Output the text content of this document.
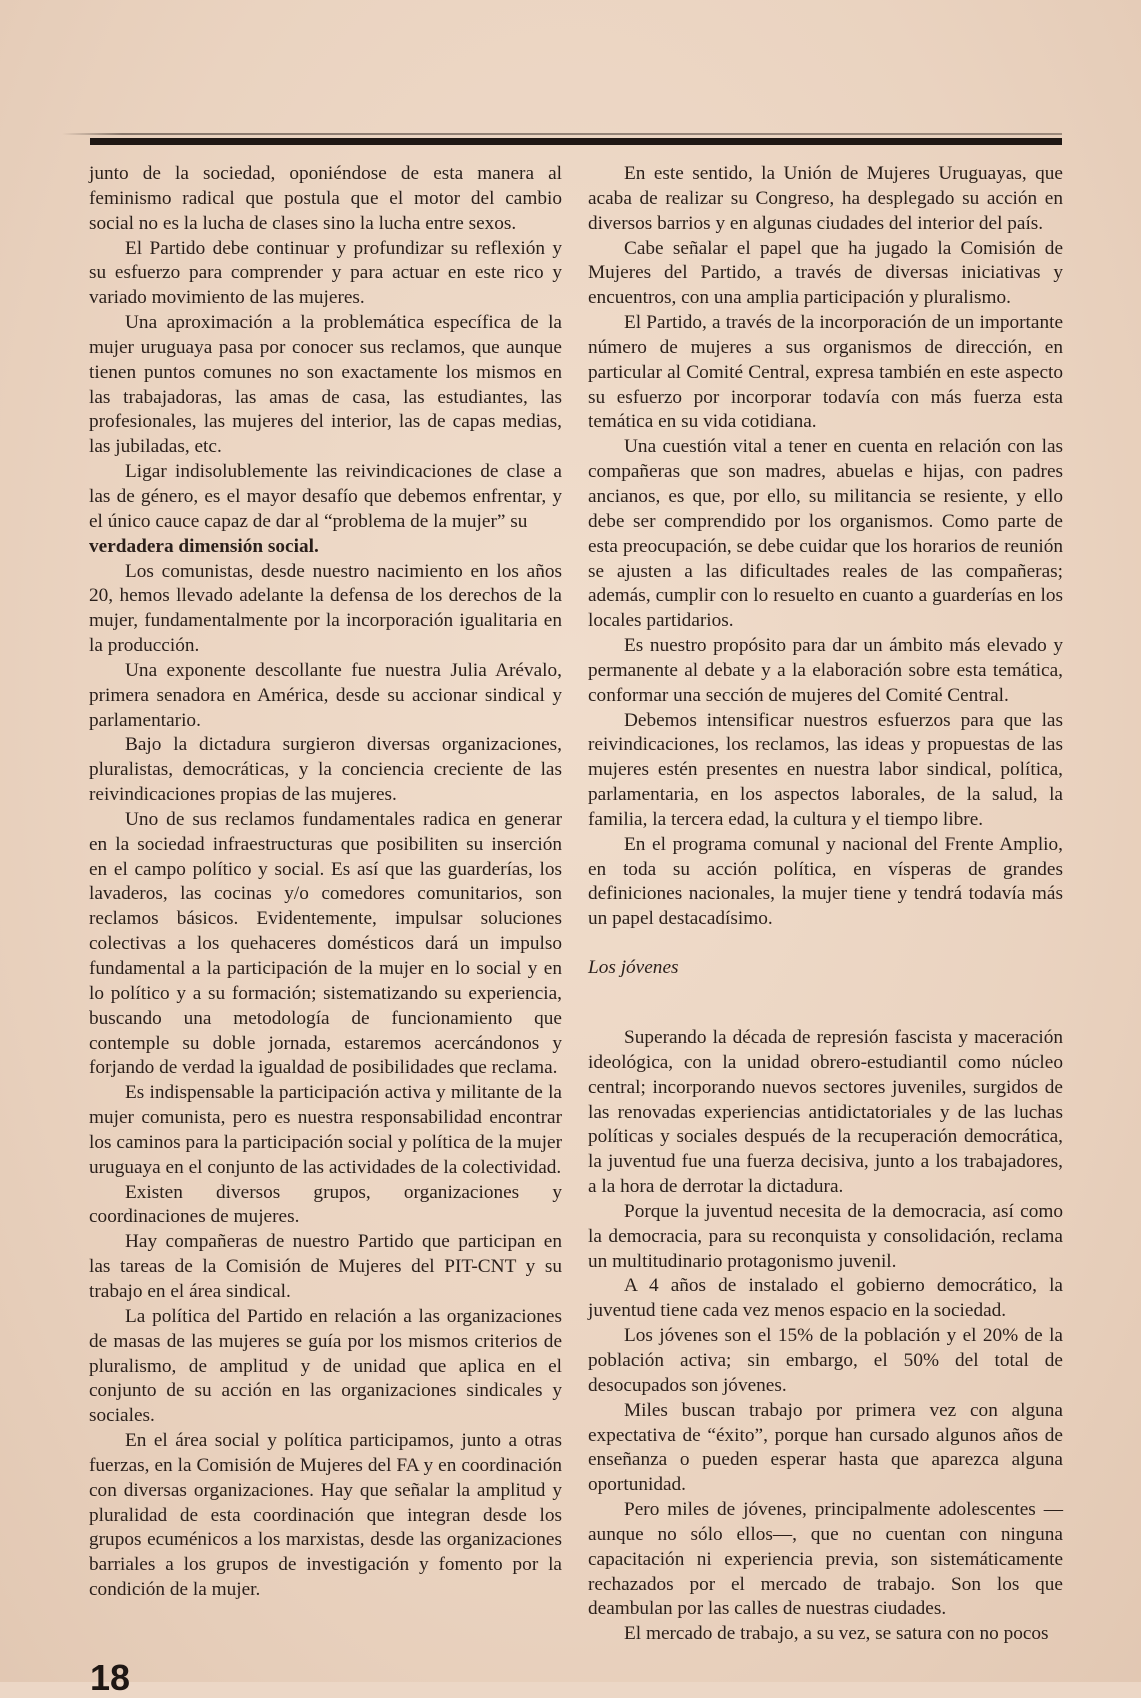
junto de la sociedad, oponiéndose de esta manera al feminismo radical que postula que el motor del cambio social no es la lucha de clases sino la lucha entre sexos.

El Partido debe continuar y profundizar su reflexión y su esfuerzo para comprender y para actuar en este rico y variado movimiento de las mujeres.

Una aproximación a la problemática específica de la mujer uruguaya pasa por conocer sus reclamos, que aunque tienen puntos comunes no son exactamente los mismos en las trabajadoras, las amas de casa, las estudiantes, las profesionales, las mujeres del interior, las de capas medias, las jubiladas, etc.

Ligar indisolublemente las reivindicaciones de clase a las de género, es el mayor desafío que debemos enfrentar, y el único cauce capaz de dar al “problema de la mujer” su

verdadera dimensión social.

Los comunistas, desde nuestro nacimiento en los años 20, hemos llevado adelante la defensa de los derechos de la mujer, fundamentalmente por la incorporación igualitaria en la producción.

Una exponente descollante fue nuestra Julia Arévalo, primera senadora en América, desde su accionar sindical y parlamentario.

Bajo la dictadura surgieron diversas organizaciones, pluralistas, democráticas, y la conciencia creciente de las reivindicaciones propias de las mujeres.

Uno de sus reclamos fundamentales radica en generar en la sociedad infraestructuras que posibiliten su inserción en el campo político y social. Es así que las guarderías, los lavaderos, las cocinas y/o comedores comunitarios, son reclamos básicos. Evidentemente, impulsar soluciones colectivas a los quehaceres domésticos dará un impulso fundamental a la participación de la mujer en lo social y en lo político y a su formación; sistematizando su experiencia, buscando una metodología de funcionamiento que contemple su doble jornada, estaremos acercándonos y forjando de verdad la igualdad de posibilidades que reclama.

Es indispensable la participación activa y militante de la mujer comunista, pero es nuestra responsabilidad encontrar los caminos para la participación social y política de la mujer uruguaya en el conjunto de las actividades de la colectividad.

Existen diversos grupos, organizaciones y coordinaciones de mujeres.

Hay compañeras de nuestro Partido que participan en las tareas de la Comisión de Mujeres del PIT-CNT y su trabajo en el área sindical.

La política del Partido en relación a las organizaciones de masas de las mujeres se guía por los mismos criterios de pluralismo, de amplitud y de unidad que aplica en el conjunto de su acción en las organizaciones sindicales y sociales.

En el área social y política participamos, junto a otras fuerzas, en la Comisión de Mujeres del FA y en coordinación con diversas organizaciones. Hay que señalar la amplitud y pluralidad de esta coordinación que integran desde los grupos ecuménicos a los marxistas, desde las organizaciones barriales a los grupos de investigación y fomento por la condición de la mujer.

En este sentido, la Unión de Mujeres Uruguayas, que acaba de realizar su Congreso, ha desplegado su acción en diversos barrios y en algunas ciudades del interior del país.

Cabe señalar el papel que ha jugado la Comisión de Mujeres del Partido, a través de diversas iniciativas y encuentros, con una amplia participación y pluralismo.

El Partido, a través de la incorporación de un importante número de mujeres a sus organismos de dirección, en particular al Comité Central, expresa también en este aspecto su esfuerzo por incorporar todavía con más fuerza esta temática en su vida cotidiana.

Una cuestión vital a tener en cuenta en relación con las compañeras que son madres, abuelas e hijas, con padres ancianos, es que, por ello, su militancia se resiente, y ello debe ser comprendido por los organismos. Como parte de esta preocupación, se debe cuidar que los horarios de reunión se ajusten a las dificultades reales de las compañeras; además, cumplir con lo resuelto en cuanto a guarderías en los locales partidarios.

Es nuestro propósito para dar un ámbito más elevado y permanente al debate y a la elaboración sobre esta temática, conformar una sección de mujeres del Comité Central.

Debemos intensificar nuestros esfuerzos para que las reivindicaciones, los reclamos, las ideas y propuestas de las mujeres estén presentes en nuestra labor sindical, política, parlamentaria, en los aspectos laborales, de la salud, la familia, la tercera edad, la cultura y el tiempo libre.

En el programa comunal y nacional del Frente Amplio, en toda su acción política, en vísperas de grandes definiciones nacionales, la mujer tiene y tendrá todavía más un papel destacadísimo.

Los jóvenes

Superando la década de represión fascista y maceración ideológica, con la unidad obrero-estudiantil como núcleo central; incorporando nuevos sectores juveniles, surgidos de las renovadas experiencias antidictatoriales y de las luchas políticas y sociales después de la recuperación democrática, la juventud fue una fuerza decisiva, junto a los trabajadores, a la hora de derrotar la dictadura.

Porque la juventud necesita de la democracia, así como la democracia, para su reconquista y consolidación, reclama un multitudinario protagonismo juvenil.

A 4 años de instalado el gobierno democrático, la juventud tiene cada vez menos espacio en la sociedad.

Los jóvenes son el 15% de la población y el 20% de la población activa; sin embargo, el 50% del total de desocupados son jóvenes.

Miles buscan trabajo por primera vez con alguna expectativa de “éxito”, porque han cursado algunos años de enseñanza o pueden esperar hasta que aparezca alguna oportunidad.

Pero miles de jóvenes, principalmente adolescentes —aunque no sólo ellos—, que no cuentan con ninguna capacitación ni experiencia previa, son sistemáticamente rechazados por el mercado de trabajo. Son los que deambulan por las calles de nuestras ciudades.

El mercado de trabajo, a su vez, se satura con no pocos

18
